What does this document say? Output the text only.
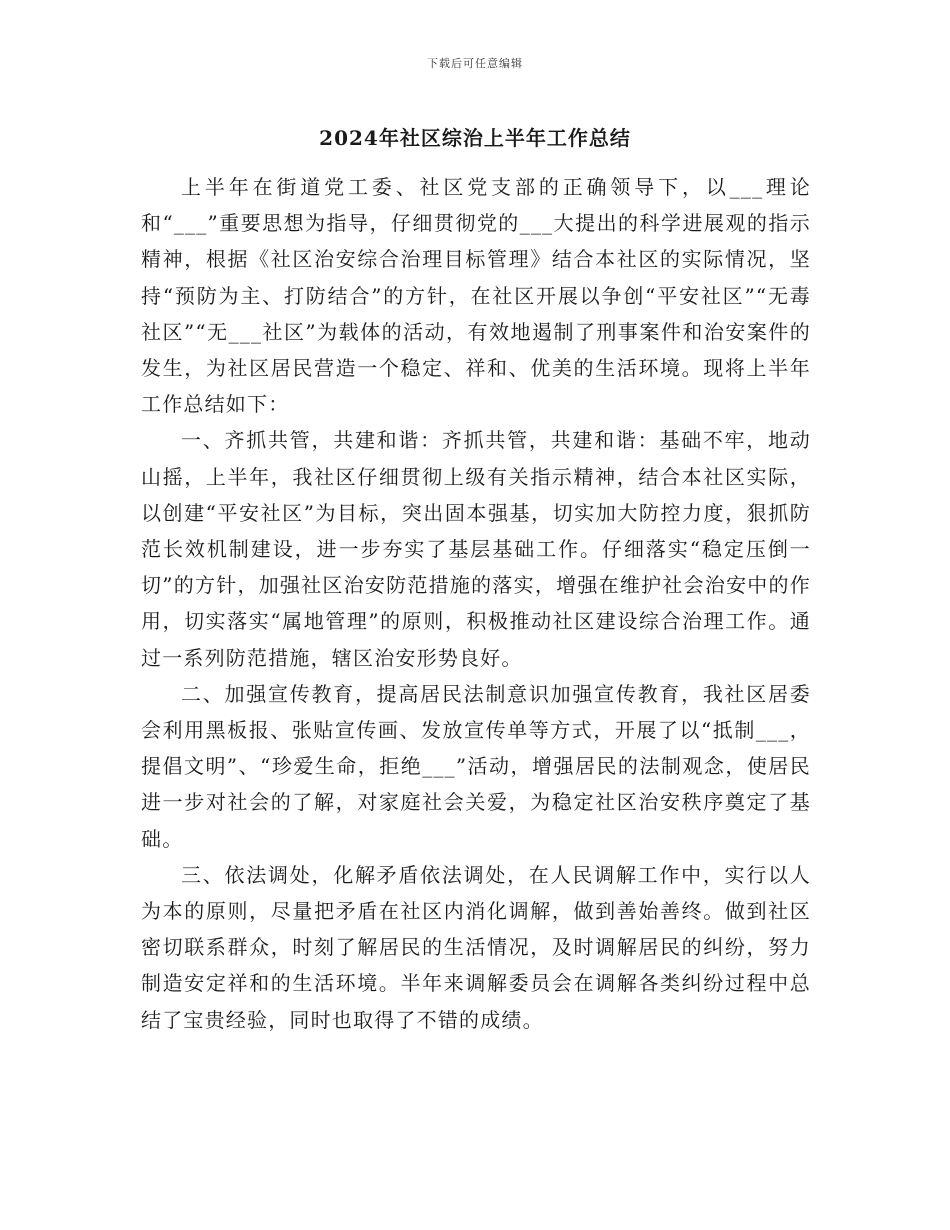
下载后可任意编辑
2024年社区综治上半年工作总结

上半年在街道党工委、社区党支部的正确领导下，以___理论和“___”重要思想为指导，仔细贯彻党的___大提出的科学进展观的指示精神，根据《社区治安综合治理目标管理》结合本社区的实际情况，坚持“预防为主、打防结合”的方针，在社区开展以争创“平安社区”“无毒社区”“无___社区”为载体的活动，有效地遏制了刑事案件和治安案件的发生，为社区居民营造一个稳定、祥和、优美的生活环境。现将上半年工作总结如下：

一、齐抓共管，共建和谐：齐抓共管，共建和谐：基础不牢，地动山摇，上半年，我社区仔细贯彻上级有关指示精神，结合本社区实际，以创建“平安社区”为目标，突出固本强基，切实加大防控力度，狠抓防范长效机制建设，进一步夯实了基层基础工作。仔细落实“稳定压倒一切”的方针，加强社区治安防范措施的落实，增强在维护社会治安中的作用，切实落实“属地管理”的原则，积极推动社区建设综合治理工作。通过一系列防范措施，辖区治安形势良好。

二、加强宣传教育，提高居民法制意识加强宣传教育，我社区居委会利用黑板报、张贴宣传画、发放宣传单等方式，开展了以“抵制___，提倡文明”、“珍爱生命，拒绝___”活动，增强居民的法制观念，使居民进一步对社会的了解，对家庭社会关爱，为稳定社区治安秩序奠定了基础。

三、依法调处，化解矛盾依法调处，在人民调解工作中，实行以人为本的原则，尽量把矛盾在社区内消化调解，做到善始善终。做到社区密切联系群众，时刻了解居民的生活情况，及时调解居民的纠纷，努力制造安定祥和的生活环境。半年来调解委员会在调解各类纠纷过程中总结了宝贵经验，同时也取得了不错的成绩。
